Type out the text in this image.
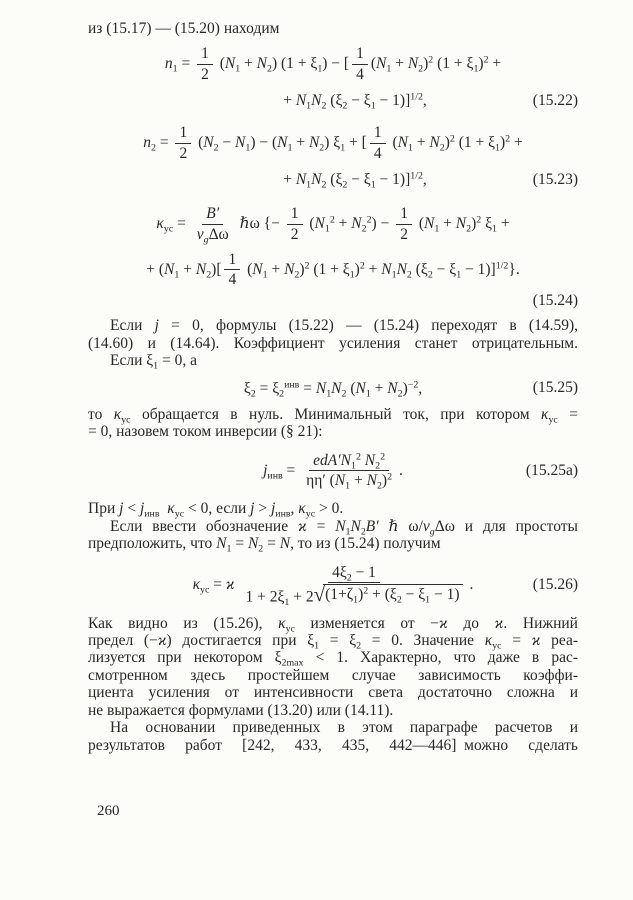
из (15.17) — (15.20) находим
$n_1 = \frac{1}{2} (N_1 + N_2) (1 + \xi_1)$ − [ $\frac{1}{4} (N_1 + N_2)^2$ $(1 + \xi_1)^2$ +
+ $N_1N_2$ $(\xi_2 - \xi_1 - 1)]^{1/2}$,	(15.22)
$n_2 = \frac{1}{2} (N_2 - N_1) - (N_1 + N_2) \xi_1$ + [ $\frac{1}{4} (N_1 + N_2)^2$ $(1 + \xi_1)^2$ +
+ $N_1N_2$ $(\xi_2 - \xi_1 - 1)]^{1/2}$,	(15.23)
$\kappa_{ус} = \frac{B'}{v_g\Delta\omega}$ ℏω {− $\frac{1}{2} (N_1^2 + N_2^2) - \frac{1}{2} (N_1 + N_2)^2$ $\xi_1$ +
+ $(N_1 + N_2)[ \frac{1}{4} (N_1 + N_2)^2$ $(1 + \xi_1)^2 + N_1N_2$ $(\xi_2 - \xi_1 - 1)]^{1/2}$}.
(15.24)
Если j = 0, формулы (15.22) — (15.24) переходят в (14.59),
(14.60) и (14.64). Коэффициент усиления станет отрицательным.
Если $\xi_1 = 0$, а
$\xi_2 = \xi_2^{инв} = N_1N_2$ $(N_1 + N_2)^{-2}$,	(15.25)
то $\kappa_{ус}$ обращается в нуль. Минимальный ток, при котором $\kappa_{ус}$ =
= 0, назовем током инверсии (§ 21):
$j_{инв} = \frac{edA'N_1^2 N_2^2}{\eta\eta' (N_1 + N_2)^2}$ .	(15.25a)
При $j < j_{инв}$  $\kappa_{ус} < 0$, если $j > j_{инв}$, $\kappa_{ус} > 0$.
Если ввести обозначение $ϰ = N_1N_2B'$ ℏ $\omega/v_g\Delta\omega$ и для простоты
предположить, что $N_1 = N_2 = N$, то из (15.24) получим
$\kappa_{ус} = ϰ \frac{4\xi_2 - 1}{1 + 2\xi_1 + 2 √ (1+\zeta_1)^2 + (\xi_2 - \xi_1 - 1)}$ .	(15.26)
Как видно из (15.26), $\kappa_{ус}$ изменяется от −ϰ до ϰ. Нижний
предел (−ϰ) достигается при $\xi_1 = \xi_2 = 0$. Значение $\kappa_{ус} = ϰ$ реа-
лизуется при некотором $\xi_{2max} < 1$. Характерно, что даже в рас-
смотренном здесь простейшем случае зависимость коэффи-
циента усиления от интенсивности света достаточно сложна и
не выражается формулами (13.20) или (14.11).
На основании приведенных в этом параграфе расчетов и
результатов работ [242, 433, 435, 442—446] можно сделать
260
